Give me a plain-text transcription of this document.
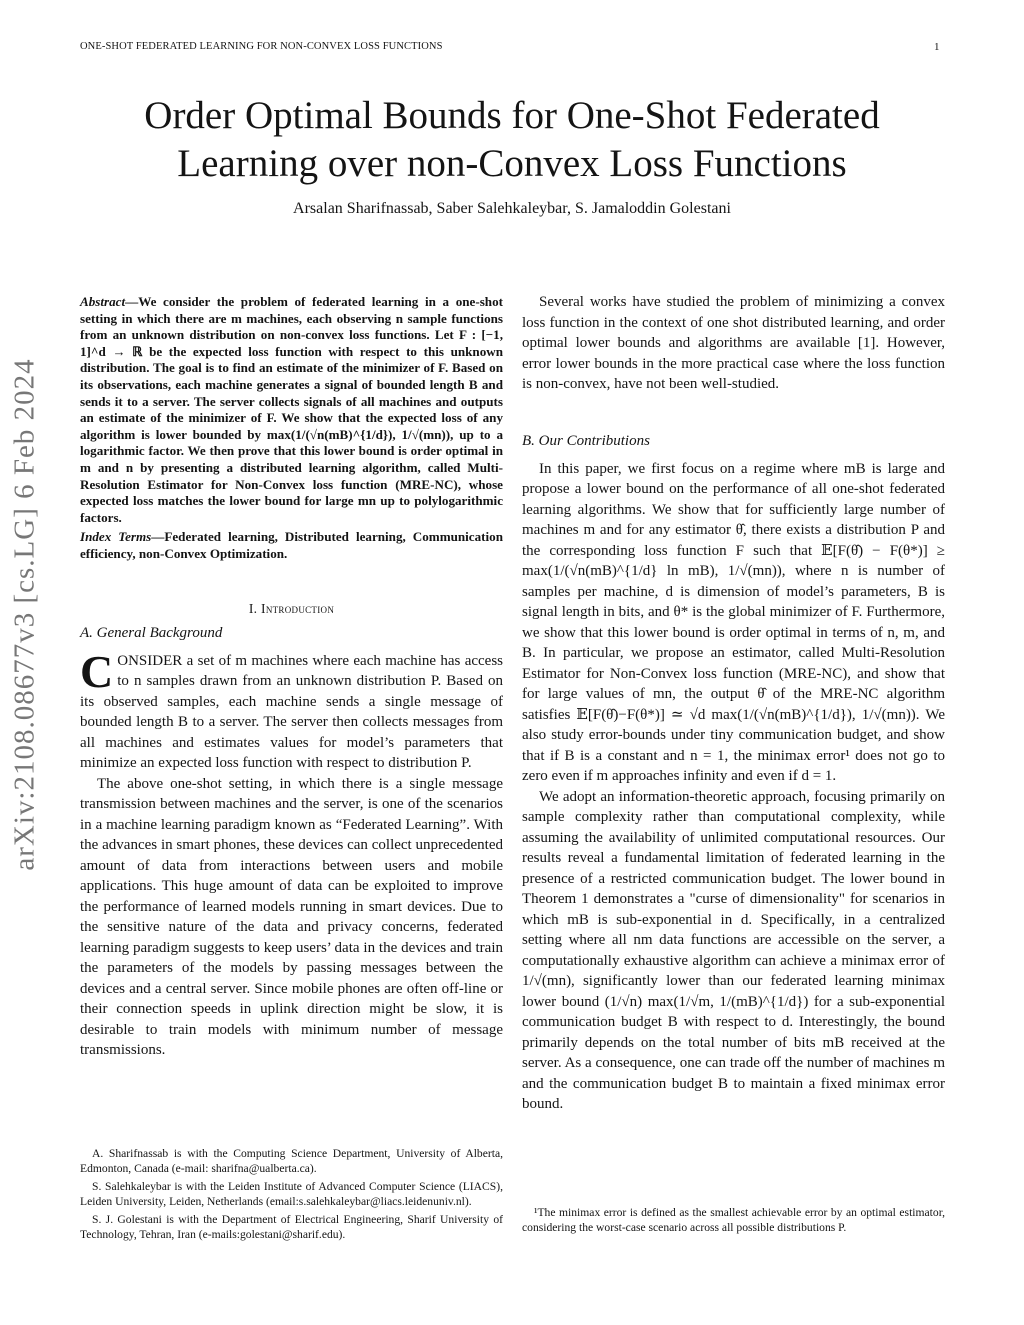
ONE-SHOT FEDERATED LEARNING FOR NON-CONVEX LOSS FUNCTIONS	1
arXiv:2108.08677v3 [cs.LG] 6 Feb 2024
Order Optimal Bounds for One-Shot Federated
Learning over non-Convex Loss Functions
Arsalan Sharifnassab, Saber Salehkaleybar, S. Jamaloddin Golestani

Abstract—We consider the problem of federated learning in a one-shot setting in which there are m machines, each observing n sample functions from an unknown distribution on non-convex loss functions. Let F : [−1, 1]^d → ℝ be the expected loss function with respect to this unknown distribution. The goal is to find an estimate of the minimizer of F. Based on its observations, each machine generates a signal of bounded length B and sends it to a server. The server collects signals of all machines and outputs an estimate of the minimizer of F. We show that the expected loss of any algorithm is lower bounded by max(1/(√n(mB)^{1/d}), 1/√(mn)), up to a logarithmic factor. We then prove that this lower bound is order optimal in m and n by presenting a distributed learning algorithm, called Multi-Resolution Estimator for Non-Convex loss function (MRE-NC), whose expected loss matches the lower bound for large mn up to polylogarithmic factors.

Index Terms—Federated learning, Distributed learning, Communication efficiency, non-Convex Optimization.

I. Introduction
A. General Background
C ONSIDER a set of m machines where each machine has access to n samples drawn from an unknown distribution P. Based on its observed samples, each machine sends a single message of bounded length B to a server. The server then collects messages from all machines and estimates values for model’s parameters that minimize an expected loss function with respect to distribution P.

The above one-shot setting, in which there is a single message transmission between machines and the server, is one of the scenarios in a machine learning paradigm known as “Federated Learning”. With the advances in smart phones, these devices can collect unprecedented amount of data from interactions between users and mobile applications. This huge amount of data can be exploited to improve the performance of learned models running in smart devices. Due to the sensitive nature of the data and privacy concerns, federated learning paradigm suggests to keep users’ data in the devices and train the parameters of the models by passing messages between the devices and a central server. Since mobile phones are often off-line or their connection speeds in uplink direction might be slow, it is desirable to train models with minimum number of message transmissions.

A. Sharifnassab is with the Computing Science Department, University of Alberta, Edmonton, Canada (e-mail: sharifna@ualberta.ca).

S. Salehkaleybar is with the Leiden Institute of Advanced Computer Science (LIACS), Leiden University, Leiden, Netherlands (email:s.salehkaleybar@liacs.leidenuniv.nl).

S. J. Golestani is with the Department of Electrical Engineering, Sharif University of Technology, Tehran, Iran (e-mails:golestani@sharif.edu).

Several works have studied the problem of minimizing a convex loss function in the context of one shot distributed learning, and order optimal lower bounds and algorithms are available [1]. However, error lower bounds in the more practical case where the loss function is non-convex, have not been well-studied.

B. Our Contributions

In this paper, we first focus on a regime where mB is large and propose a lower bound on the performance of all one-shot federated learning algorithms. We show that for sufficiently large number of machines m and for any estimator θ̂, there exists a distribution P and the corresponding loss function F such that 𝔼[F(θ̂) − F(θ*)] ≥ max(1/(√n(mB)^{1/d} ln mB), 1/√(mn)), where n is number of samples per machine, d is dimension of model’s parameters, B is signal length in bits, and θ* is the global minimizer of F. Furthermore, we show that this lower bound is order optimal in terms of n, m, and B. In particular, we propose an estimator, called Multi-Resolution Estimator for Non-Convex loss function (MRE-NC), and show that for large values of mn, the output θ̂ of the MRE-NC algorithm satisfies 𝔼[F(θ̂)−F(θ*)] ≃ √d max(1/(√n(mB)^{1/d}), 1/√(mn)). We also study error-bounds under tiny communication budget, and show that if B is a constant and n = 1, the minimax error¹ does not go to zero even if m approaches infinity and even if d = 1.

We adopt an information-theoretic approach, focusing primarily on sample complexity rather than computational complexity, while assuming the availability of unlimited computational resources. Our results reveal a fundamental limitation of federated learning in the presence of a restricted communication budget. The lower bound in Theorem 1 demonstrates a "curse of dimensionality" for scenarios in which mB is sub-exponential in d. Specifically, in a centralized setting where all nm data functions are accessible on the server, a computationally exhaustive algorithm can achieve a minimax error of 1/√(mn), significantly lower than our federated learning minimax lower bound (1/√n) max(1/√m, 1/(mB)^{1/d}) for a sub-exponential communication budget B with respect to d. Interestingly, the bound primarily depends on the total number of bits mB received at the server. As a consequence, one can trade off the number of machines m and the communication budget B to maintain a fixed minimax error bound.

¹The minimax error is defined as the smallest achievable error by an optimal estimator, considering the worst-case scenario across all possible distributions P.
